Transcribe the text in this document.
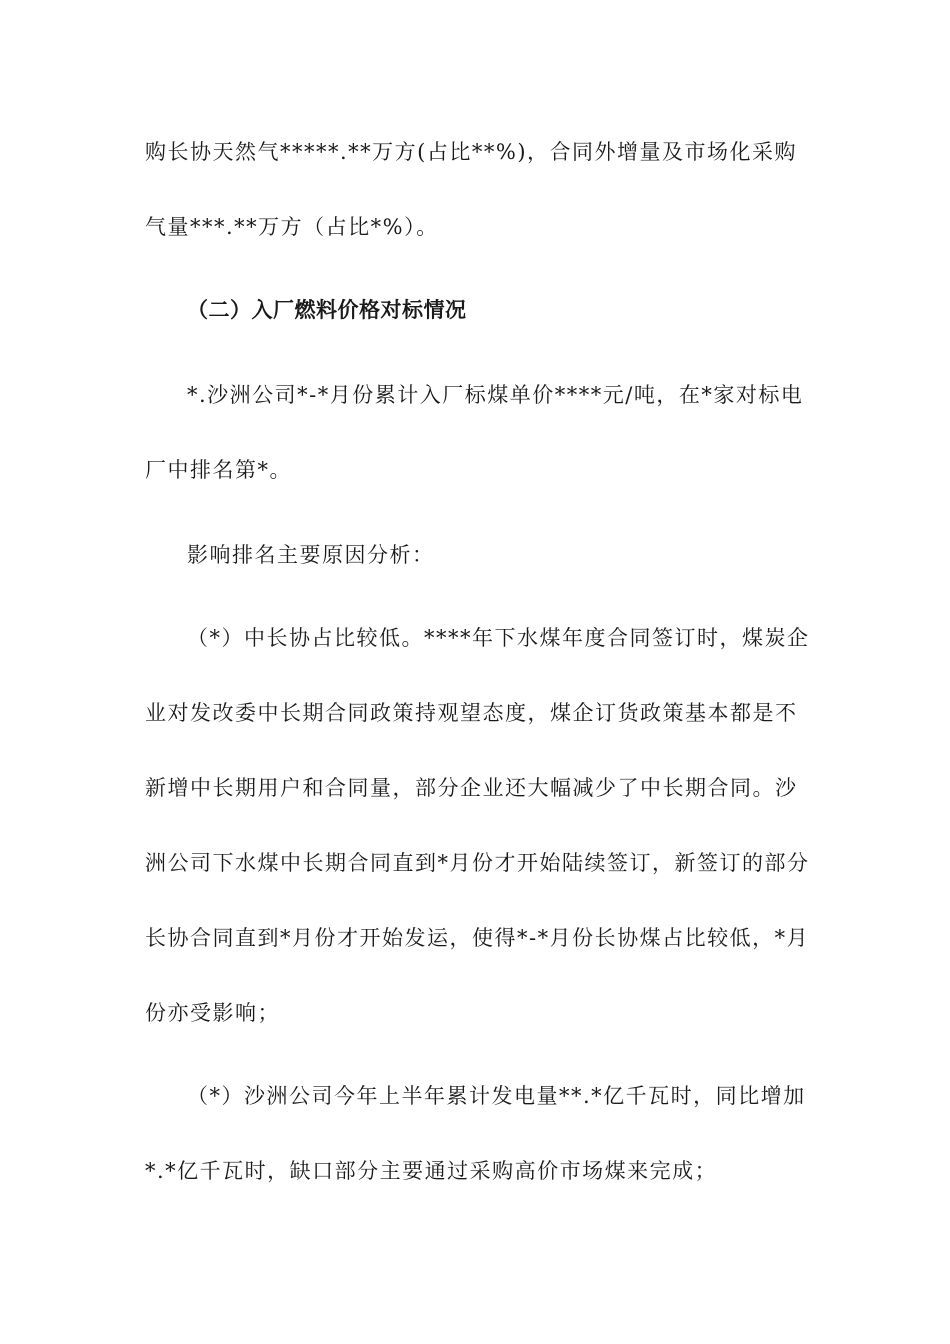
购长协天然气*****.**万方(占比**%)，合同外增量及市场化采购
气量***.**万方（占比*%）。
（二）入厂燃料价格对标情况
*.沙洲公司*-*月份累计入厂标煤单价****元/吨，在*家对标电
厂中排名第*。
影响排名主要原因分析：
（*）中长协占比较低。****年下水煤年度合同签订时，煤炭企
业对发改委中长期合同政策持观望态度，煤企订货政策基本都是不
新增中长期用户和合同量，部分企业还大幅减少了中长期合同。沙
洲公司下水煤中长期合同直到*月份才开始陆续签订，新签订的部分
长协合同直到*月份才开始发运，使得*-*月份长协煤占比较低，*月
份亦受影响；
（*）沙洲公司今年上半年累计发电量**.*亿千瓦时，同比增加
*.*亿千瓦时，缺口部分主要通过采购高价市场煤来完成；
